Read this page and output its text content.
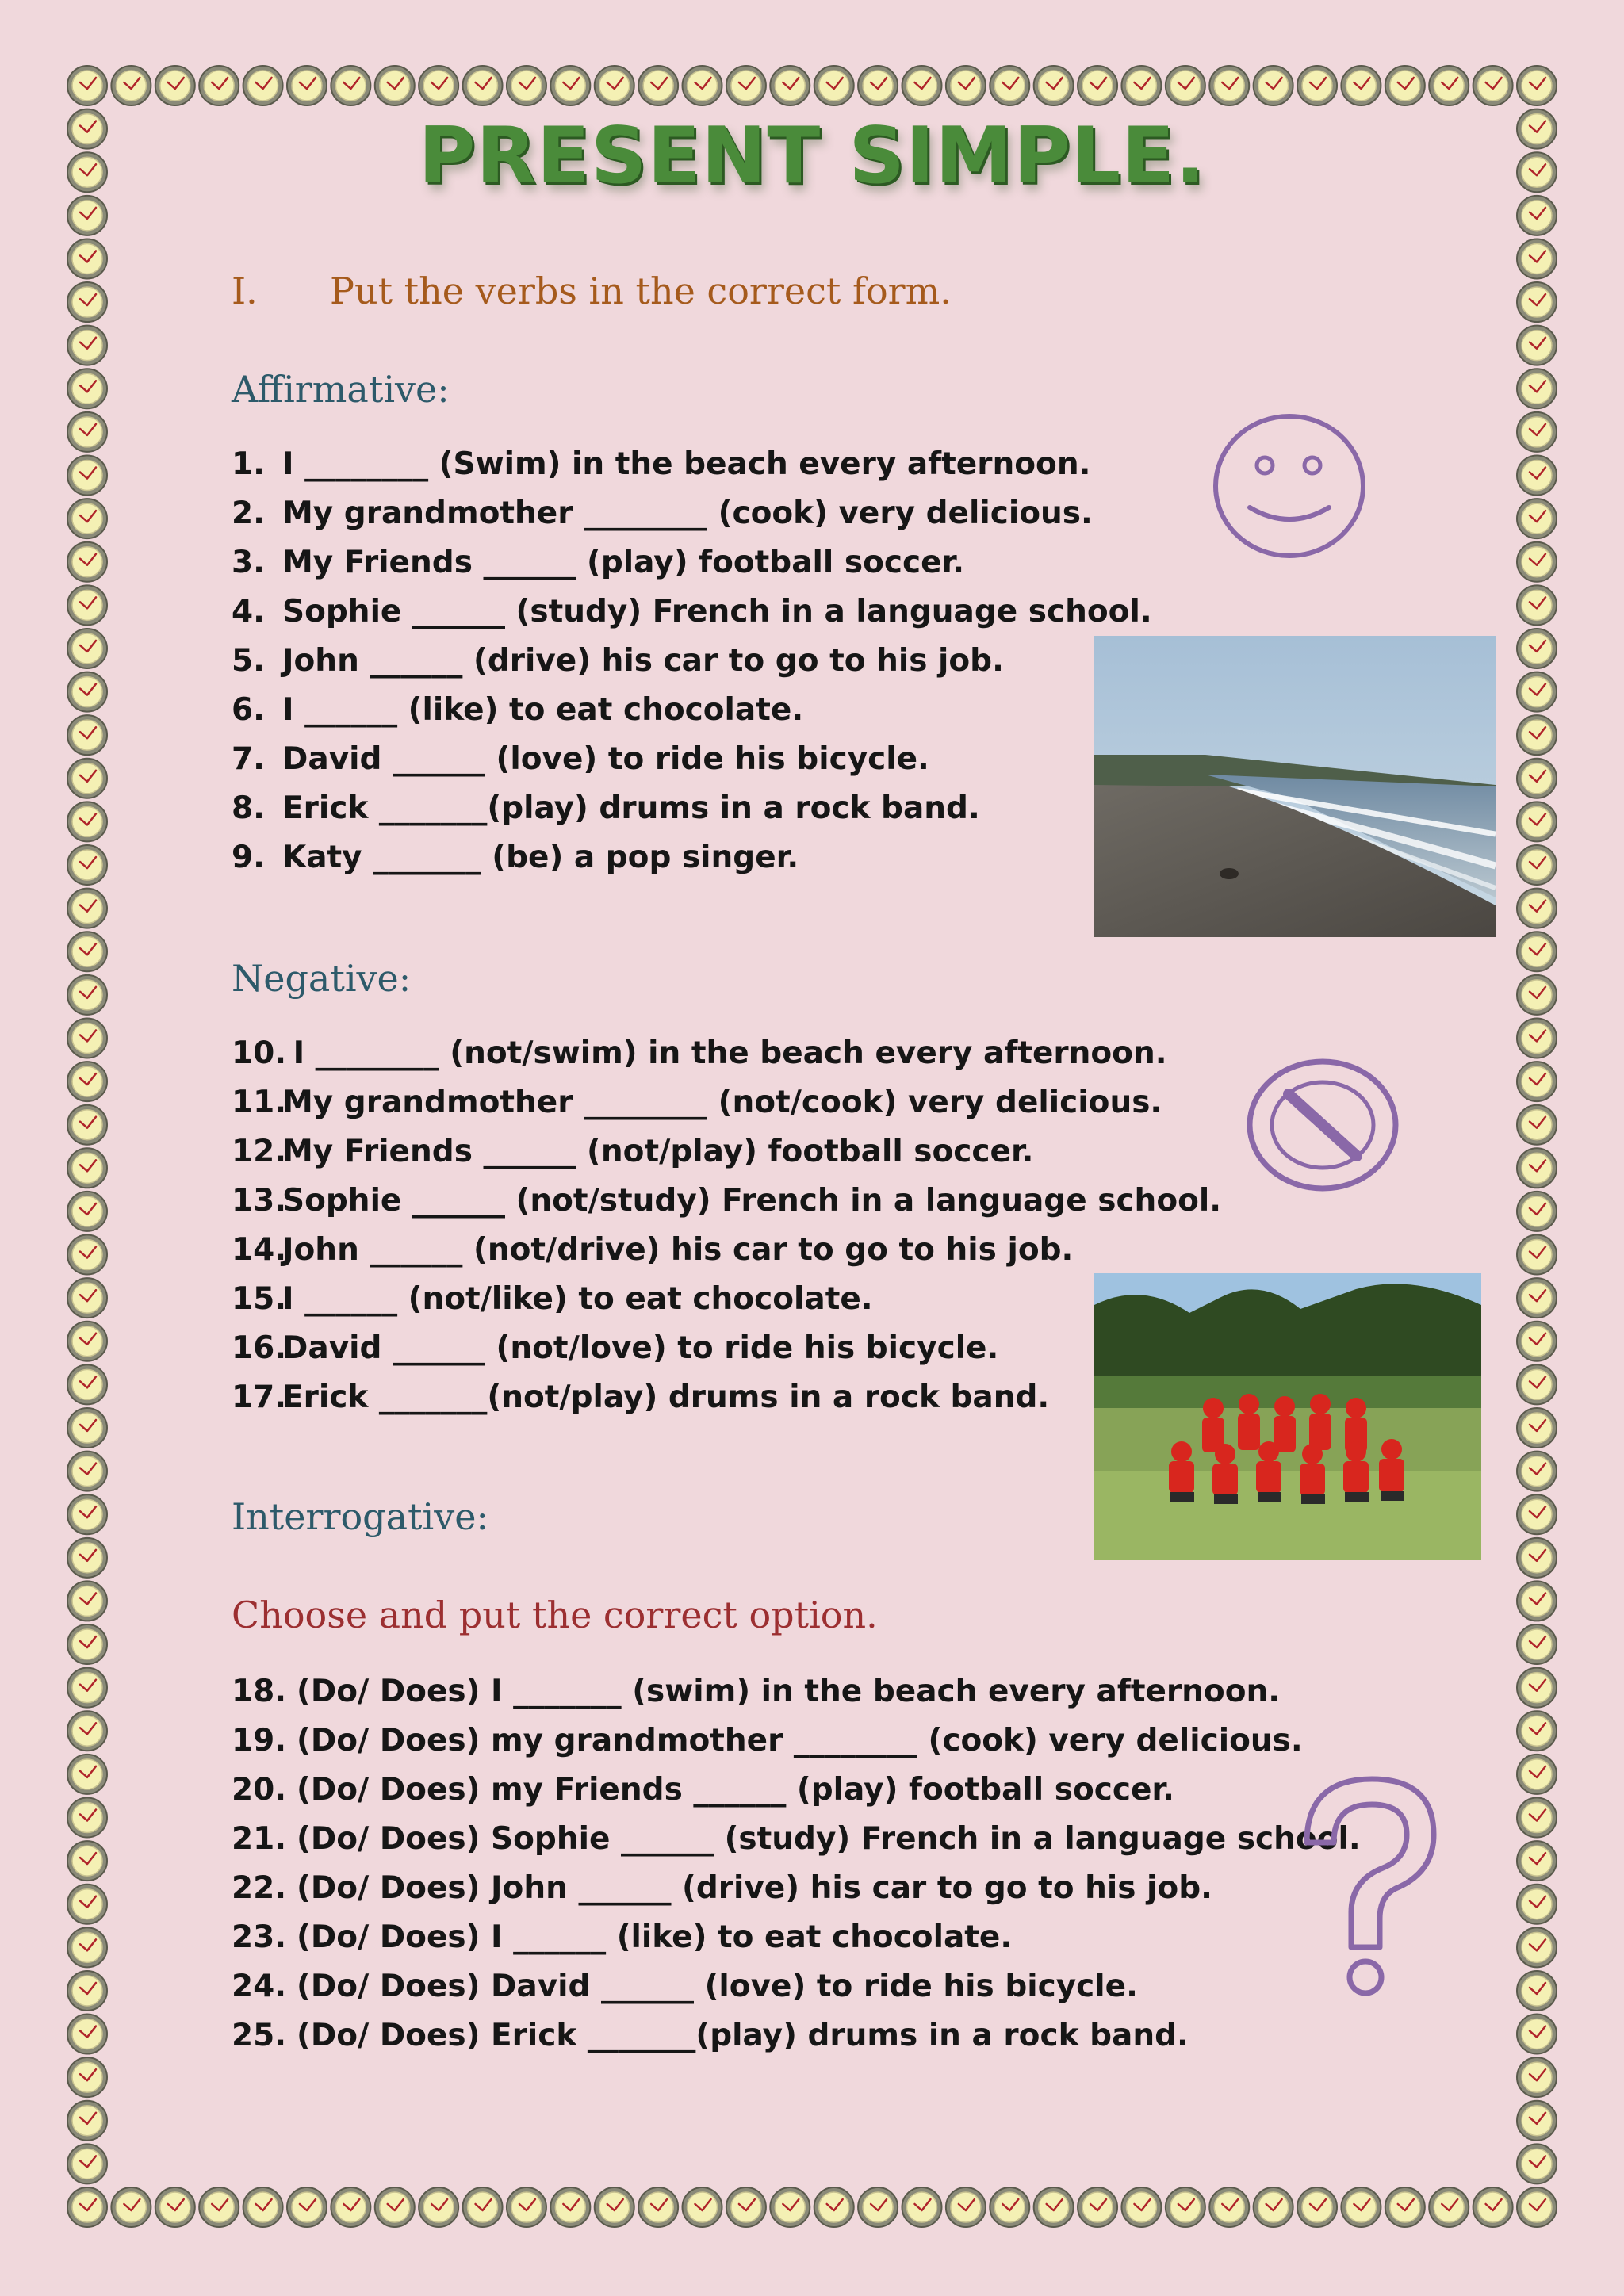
PRESENT SIMPLE.
I. Put the verbs in the correct form.
Affirmative:
1. I ________ (Swim) in the beach every afternoon.
2. My grandmother ________ (cook) very delicious.
3. My Friends ______ (play) football soccer.
4. Sophie ______ (study) French in a language school.
5. John ______ (drive) his car to go to his job.
6. I ______ (like) to eat chocolate.
7. David ______ (love) to ride his bicycle.
8. Erick _______(play) drums in a rock band.
9. Katy _______ (be) a pop singer.
Negative:
10. I ________ (not/swim) in the beach every afternoon.
11.My grandmother ________ (not/cook) very delicious.
12.My Friends ______ (not/play) football soccer.
13.Sophie ______ (not/study) French in a language school.
14.John ______ (not/drive) his car to go to his job.
15.I ______ (not/like) to eat chocolate.
16.David ______ (not/love) to ride his bicycle.
17.Erick _______(not/play) drums in a rock band.
Interrogative:
Choose and put the correct option.
18. (Do/ Does) I _______ (swim) in the beach every afternoon.
19. (Do/ Does) my grandmother ________ (cook) very delicious.
20. (Do/ Does) my Friends ______ (play) football soccer.
21. (Do/ Does) Sophie ______ (study) French in a language school.
22. (Do/ Does) John ______ (drive) his car to go to his job.
23. (Do/ Does) I ______ (like) to eat chocolate.
24. (Do/ Does) David ______ (love) to ride his bicycle.
25. (Do/ Does) Erick _______(play) drums in a rock band.
